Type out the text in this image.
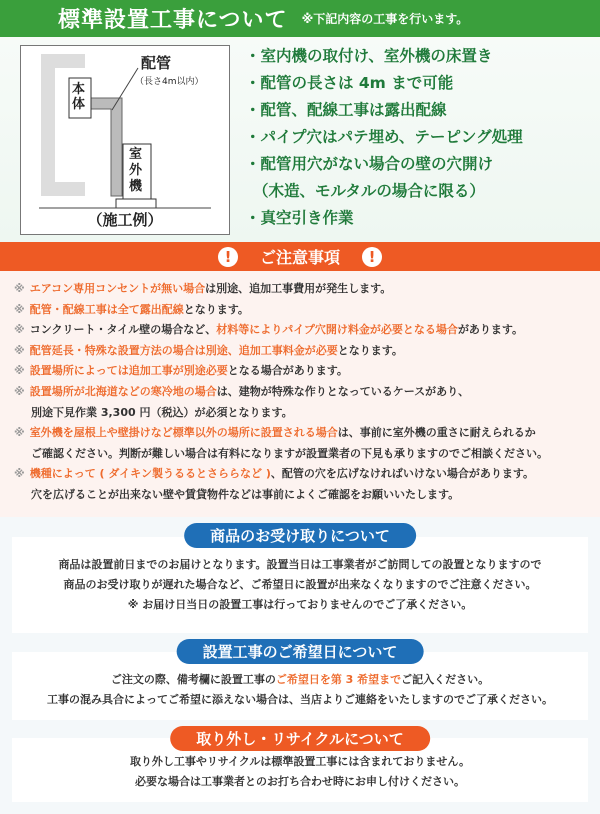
標準設置工事について ※下記内容の工事を行います。
配管
（長さ4m以内）
本体
室外機
（施工例）
・室内機の取付け、室外機の床置き
・配管の長さは 4m まで可能
・配管、配線工事は露出配線
・パイプ穴はパテ埋め、テーピング処理
・配管用穴がない場合の壁の穴開け
（木造、モルタルの場合に限る）
・真空引き作業
!	ご注意事項	!
※ エアコン専用コンセントが無い場合は別途、追加工事費用が発生します。
※ 配管・配線工事は全て露出配線となります。
※ コンクリート・タイル壁の場合など、材料等によりパイプ穴開け料金が必要となる場合があります。
※ 配管延長・特殊な設置方法の場合は別途、追加工事料金が必要となります。
※ 設置場所によっては追加工事が別途必要となる場合があります。
※ 設置場所が北海道などの寒冷地の場合は、建物が特殊な作りとなっているケースがあり、
別途下見作業 3,300 円（税込）が必須となります。
※ 室外機を屋根上や壁掛けなど標準以外の場所に設置される場合は、事前に室外機の重さに耐えられるか
ご確認ください。判断が難しい場合は有料になりますが設置業者の下見も承りますのでご相談ください。
※ 機種によって ( ダイキン製うるるとさららなど )、配管の穴を広げなければいけない場合があります。
穴を広げることが出来ない壁や賃貸物件などは事前によくご確認をお願いいたします。
商品は設置前日までのお届けとなります。設置当日は工事業者がご訪問しての設置となりますので
商品のお受け取りが遅れた場合など、ご希望日に設置が出来なくなりますのでご注意ください。
※ お届け日当日の設置工事は行っておりませんのでご了承ください。
商品のお受け取りについて
ご注文の際、備考欄に設置工事のご希望日を第 3 希望までご記入ください。
工事の混み具合によってご希望に添えない場合は、当店よりご連絡をいたしますのでご了承ください。
設置工事のご希望日について
取り外し工事やリサイクルは標準設置工事には含まれておりません。
必要な場合は工事業者とのお打ち合わせ時にお申し付けください。
取り外し・リサイクルについて
